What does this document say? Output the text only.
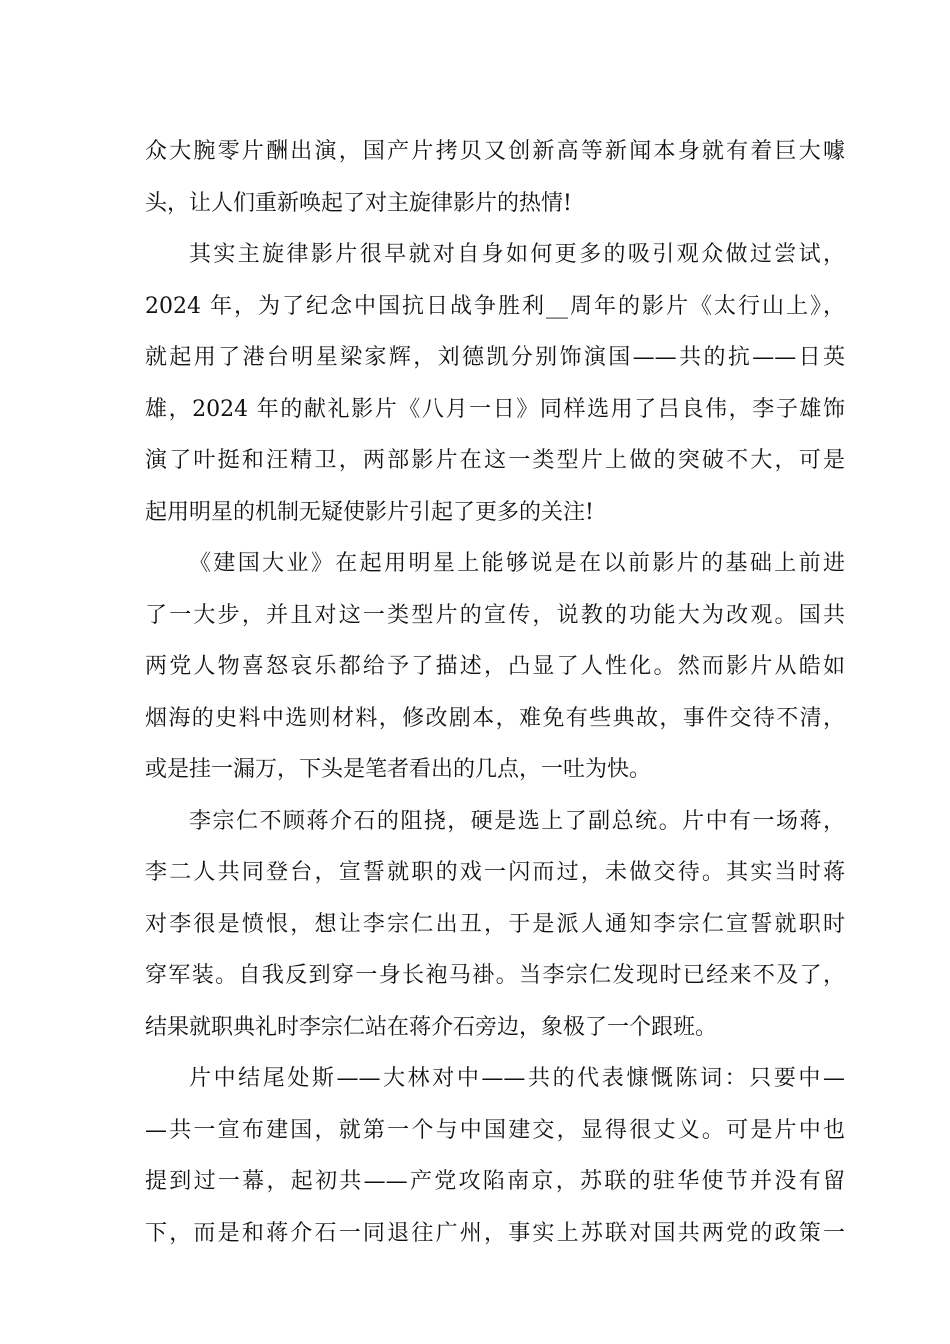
众大腕零片酬出演，国产片拷贝又创新高等新闻本身就有着巨大噱
头，让人们重新唤起了对主旋律影片的热情!
其实主旋律影片很早就对自身如何更多的吸引观众做过尝试，
2024 年，为了纪念中国抗日战争胜利__周年的影片《太行山上》，
就起用了港台明星梁家辉，刘德凯分别饰演国——共的抗——日英
雄，2024 年的献礼影片《八月一日》同样选用了吕良伟，李子雄饰
演了叶挺和汪精卫，两部影片在这一类型片上做的突破不大，可是
起用明星的机制无疑使影片引起了更多的关注!
《建国大业》在起用明星上能够说是在以前影片的基础上前进
了一大步，并且对这一类型片的宣传，说教的功能大为改观。国共
两党人物喜怒哀乐都给予了描述，凸显了人性化。然而影片从皓如
烟海的史料中选则材料，修改剧本，难免有些典故，事件交待不清，
或是挂一漏万，下头是笔者看出的几点，一吐为快。
李宗仁不顾蒋介石的阻挠，硬是选上了副总统。片中有一场蒋，
李二人共同登台，宣誓就职的戏一闪而过，未做交待。其实当时蒋
对李很是愤恨，想让李宗仁出丑，于是派人通知李宗仁宣誓就职时
穿军装。自我反到穿一身长袍马褂。当李宗仁发现时已经来不及了，
结果就职典礼时李宗仁站在蒋介石旁边，象极了一个跟班。
片中结尾处斯——大林对中——共的代表慷慨陈词：只要中—
—共一宣布建国，就第一个与中国建交，显得很丈义。可是片中也
提到过一幕，起初共——产党攻陷南京，苏联的驻华使节并没有留
下，而是和蒋介石一同退往广州，事实上苏联对国共两党的政策一
